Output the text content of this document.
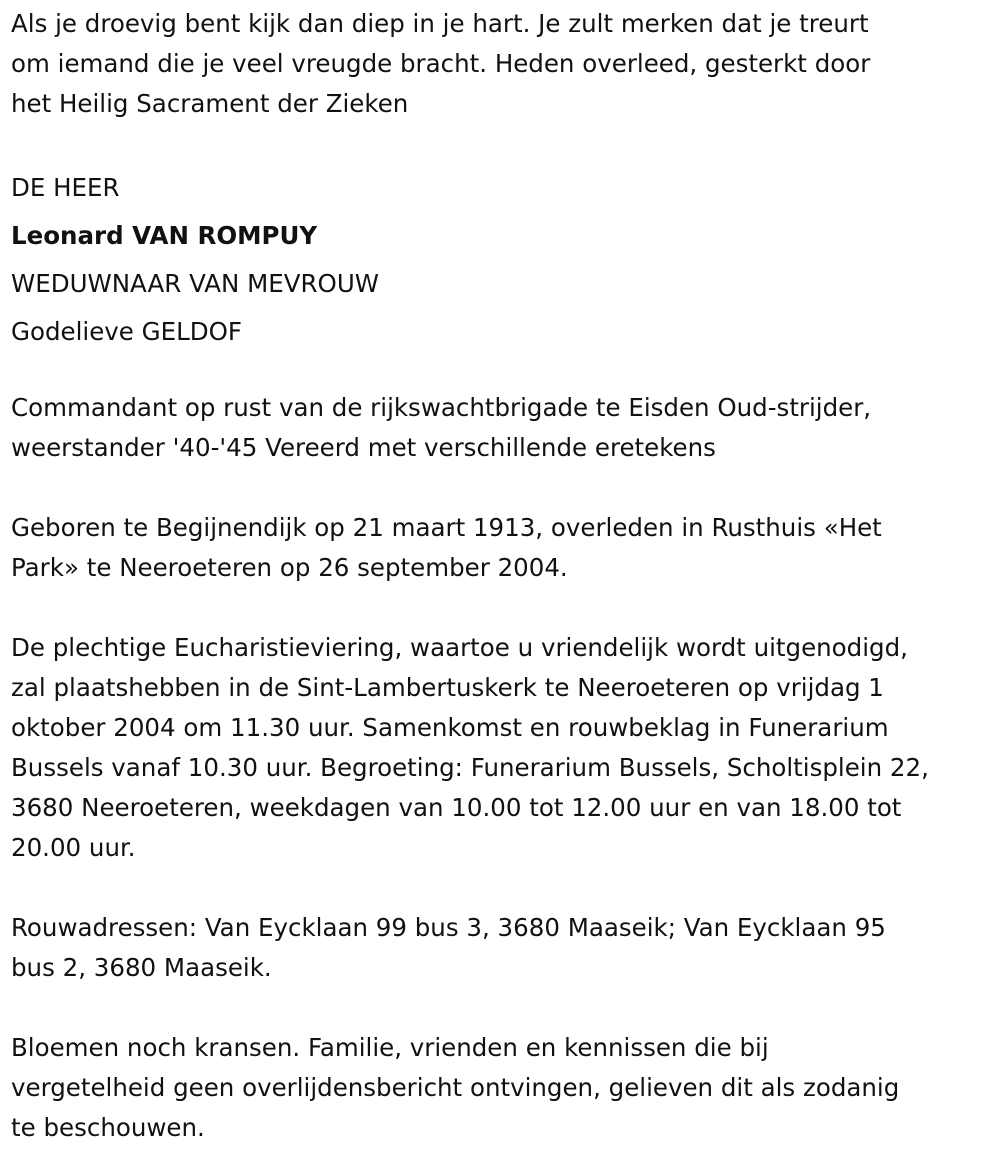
Als je droevig bent kijk dan diep in je hart. Je zult merken dat je treurt
om iemand die je veel vreugde bracht. Heden overleed, gesterkt door
het Heilig Sacrament der Zieken

DE HEER
Leonard VAN ROMPUY
WEDUWNAAR VAN MEVROUW
Godelieve GELDOF

Commandant op rust van de rijkswachtbrigade te Eisden Oud-strijder,
weerstander '40-'45 Vereerd met verschillende eretekens

Geboren te Begijnendijk op 21 maart 1913, overleden in Rusthuis «Het
Park» te Neeroeteren op 26 september 2004.

De plechtige Eucharistieviering, waartoe u vriendelijk wordt uitgenodigd,
zal plaatshebben in de Sint-Lambertuskerk te Neeroeteren op vrijdag 1
oktober 2004 om 11.30 uur. Samenkomst en rouwbeklag in Funerarium
Bussels vanaf 10.30 uur. Begroeting: Funerarium Bussels, Scholtisplein 22,
3680 Neeroeteren, weekdagen van 10.00 tot 12.00 uur en van 18.00 tot
20.00 uur.

Rouwadressen: Van Eycklaan 99 bus 3, 3680 Maaseik; Van Eycklaan 95
bus 2, 3680 Maaseik.

Bloemen noch kransen. Familie, vrienden en kennissen die bij
vergetelheid geen overlijdensbericht ontvingen, gelieven dit als zodanig
te beschouwen.
